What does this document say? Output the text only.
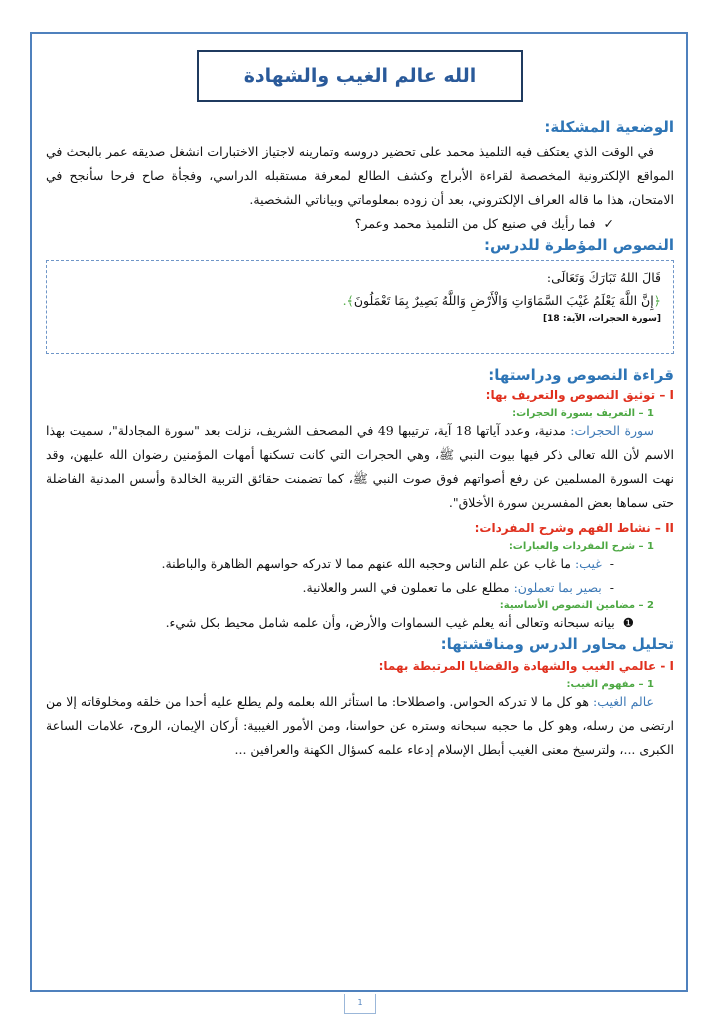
الله عالم الغيب والشهادة
الوضعية المشكلة:

في الوقت الذي يعتكف فيه التلميذ محمد على تحضير دروسه وتمارينه لاجتياز الاختبارات انشغل صديقه عمر بالبحث في المواقع الإلكترونية المخصصة لقراءة الأبراج وكشف الطالع لمعرفة مستقبله الدراسي، وفجأة صاح فرحا سأنجح في الامتحان، هذا ما قاله العراف الإلكتروني، بعد أن زوده بمعلوماتي وبياناتي الشخصية.

✓فما رأيك في صنيع كل من التلميذ محمد وعمر؟

النصوص المؤطرة للدرس:

قَالَ اللهُ تَبَارَكَ وَتَعَالَى:

﴿إِنَّ اللَّهَ يَعْلَمُ غَيْبَ السَّمَاوَاتِ وَالْأَرْضِ وَاللَّهُ بَصِيرٌ بِمَا تَعْمَلُونَ﴾.

[سورة الحجرات، الآية: 18]
قراءة النصوص ودراستها:
I – توثيق النصوص والتعريف بها:
1 – التعريف بسورة الحجرات:

سورة الحجرات: مدنية، وعدد آياتها 18 آية، ترتيبها 49 في المصحف الشريف، نزلت بعد "سورة المجادلة"، سميت بهذا الاسم لأن الله تعالى ذكر فيها بيوت النبي ﷺ، وهي الحجرات التي كانت تسكنها أمهات المؤمنين رضوان الله عليهن، وقد نهت السورة المسلمين عن رفع أصواتهم فوق صوت النبي ﷺ، كما تضمنت حقائق التربية الخالدة وأسس المدنية الفاضلة حتى سماها بعض المفسرين سورة الأخلاق".

II – نشاط الفهم وشرح المفردات:
1 – شرح المفردات والعبارات:

-غيب: ما غاب عن علم الناس وحجبه الله عنهم مما لا تدركه حواسهم الظاهرة والباطنة.

-بصير بما تعملون: مطلع على ما تعملون في السر والعلانية.

2 – مضامين النصوص الأساسية:

❶بيانه سبحانه وتعالى أنه يعلم غيب السماوات والأرض، وأن علمه شامل محيط بكل شيء.

تحليل محاور الدرس ومناقشتها:
I - عالمي الغيب والشهادة والقضايا المرتبطة بهما:
1 – مفهوم الغيب:

عالم الغيب: هو كل ما لا تدركه الحواس. واصطلاحا: ما استأثر الله بعلمه ولم يطلع عليه أحدا من خلقه ومخلوقاته إلا من ارتضى من رسله، وهو كل ما حجبه سبحانه وستره عن حواسنا، ومن الأمور الغيبية: أركان الإيمان، الروح، علامات الساعة الكبرى ...، ولترسيخ معنى الغيب أبطل الإسلام إدعاء علمه كسؤال الكهنة والعرافين ...

1
